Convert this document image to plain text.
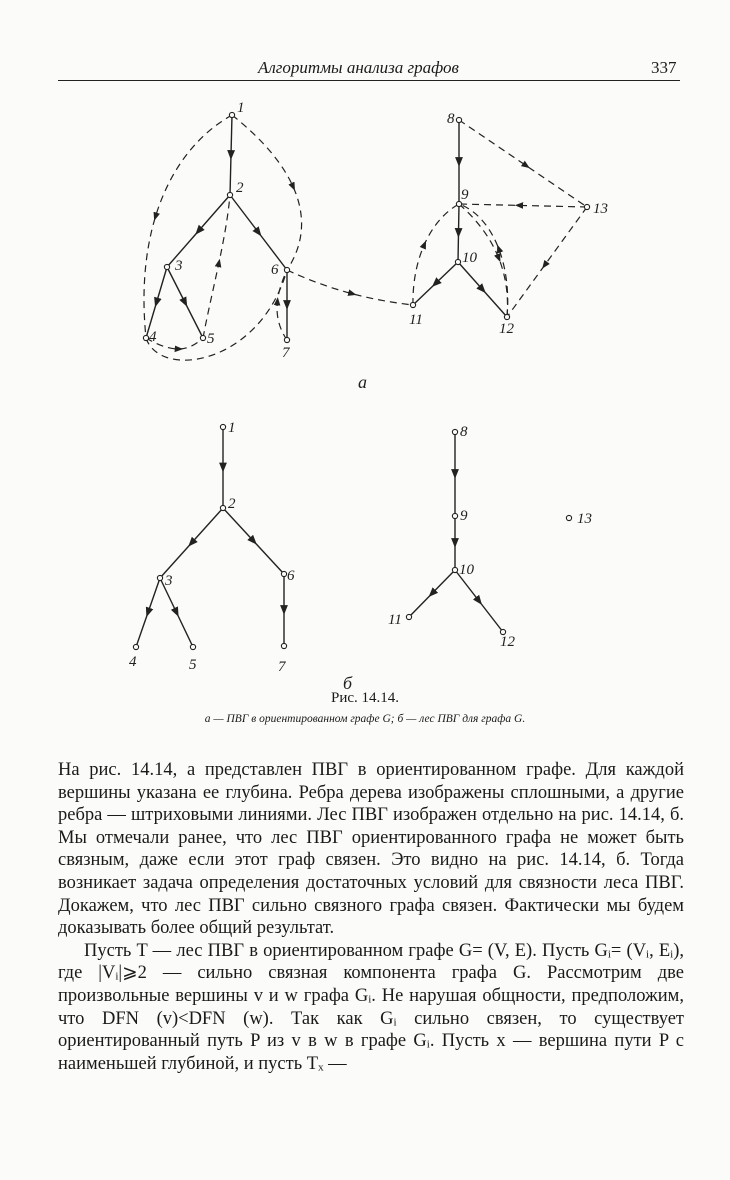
Алгоритмы анализа графов	337
1
2
3
4	5
6
7
8
9
10
11
12
13
1
2
3
4	5
6
7
8
9
10
11
12
13
а
б
Рис. 14.14.
а — ПВГ в ориентированном графе G; б — лес ПВГ для графа G.

На рис. 14.14, а представлен ПВГ в ориентированном графе. Для каждой вершины указана ее глубина. Ребра дерева изображены сплошными, а другие ребра — штриховыми линиями. Лес ПВГ изображен отдельно на рис. 14.14, б. Мы отмечали ранее, что лес ПВГ ориентированного графа не может быть связным, даже если этот граф связен. Это видно на рис. 14.14, б. Тогда возникает задача определения достаточных условий для связности леса ПВГ. Докажем, что лес ПВГ сильно связного графа связен. Фактически мы будем доказывать более общий результат.

Пусть T — лес ПВГ в ориентированном графе G= (V, E). Пусть Gᵢ= (Vᵢ, Eᵢ), где |Vᵢ|⩾2 — сильно связная компонента графа G. Рассмотрим две произвольные вершины v и w графа Gᵢ. Не нарушая общности, предположим, что DFN (v)<DFN (w). Так как Gᵢ сильно связен, то существует ориентированный путь P из v в w в графе Gᵢ. Пусть x — вершина пути P с наименьшей глубиной, и пусть Tₓ —
